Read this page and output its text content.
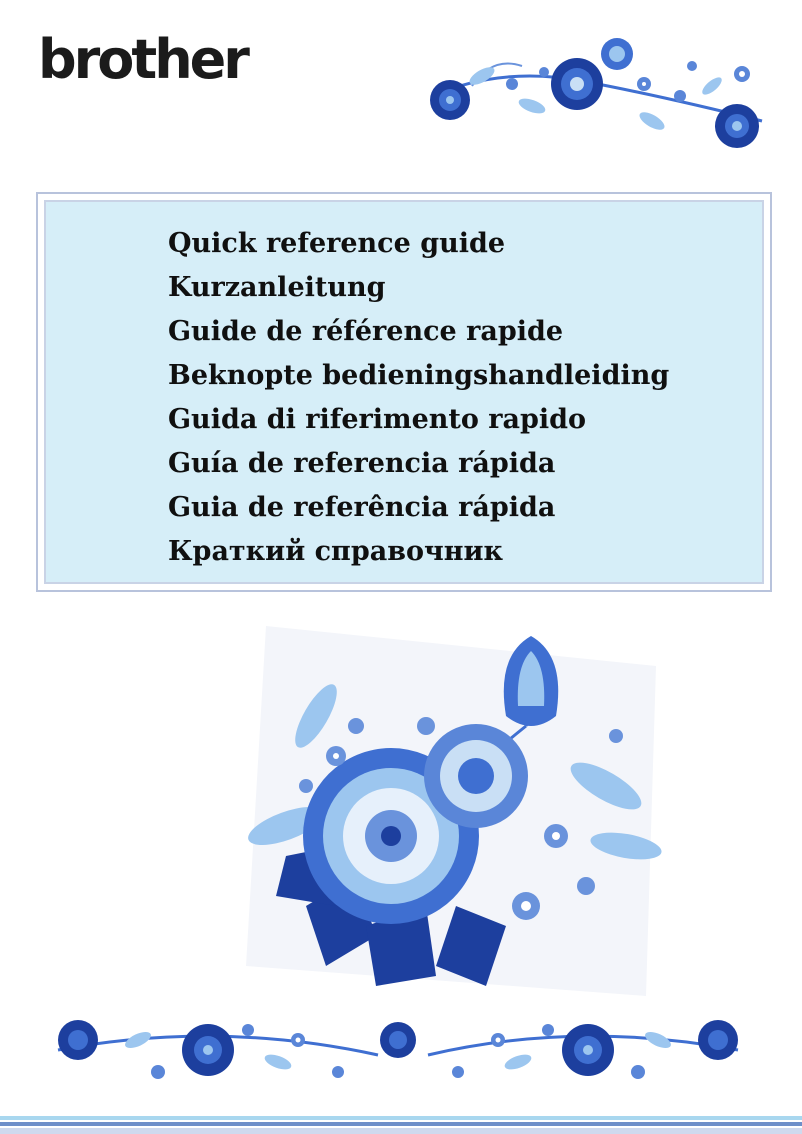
brother
Quick reference guide
Kurzanleitung
Guide de référence rapide
Beknopte bedieningshandleiding
Guida di riferimento rapido
Guía de referencia rápida
Guia de referência rápida
Краткий справочник
